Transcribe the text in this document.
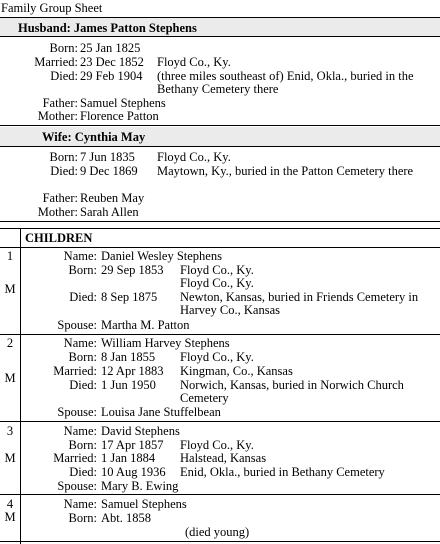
Family Group Sheet
Husband: James Patton Stephens
Born: 25 Jan 1825
Married: 23 Dec 1852 Floyd Co., Ky.
Died: 29 Feb 1904 (three miles southeast of) Enid, Okla., buried in the Bethany Cemetery there
Father: Samuel Stephens
Mother: Florence Patton
Wife: Cynthia May
Born: 7 Jun 1835 Floyd Co., Ky.
Died: 9 Dec 1869 Maytown, Ky., buried in the Patton Cemetery there
Father: Reuben May
Mother: Sarah Allen
CHILDREN
1
M
Name: Daniel Wesley Stephens
Born: 29 Sep 1853 Floyd Co., Ky.
Floyd Co., Ky.
Died: 8 Sep 1875 Newton, Kansas, buried in Friends Cemetery in Harvey Co., Kansas
Spouse: Martha M. Patton
2
M
Name: William Harvey Stephens
Born: 8 Jan 1855 Floyd Co., Ky.
Married: 12 Apr 1883 Kingman, Co., Kansas
Died: 1 Jun 1950 Norwich, Kansas, buried in Norwich Church Cemetery
Spouse: Louisa Jane Stuffelbean
3
M
Name: David Stephens
Born: 17 Apr 1857 Floyd Co., Ky.
Married: 1 Jan 1884 Halstead, Kansas
Died: 10 Aug 1936 Enid, Okla., buried in Bethany Cemetery
Spouse: Mary B. Ewing
4
M
Name: Samuel Stephens
Born: Abt. 1858
(died young)
